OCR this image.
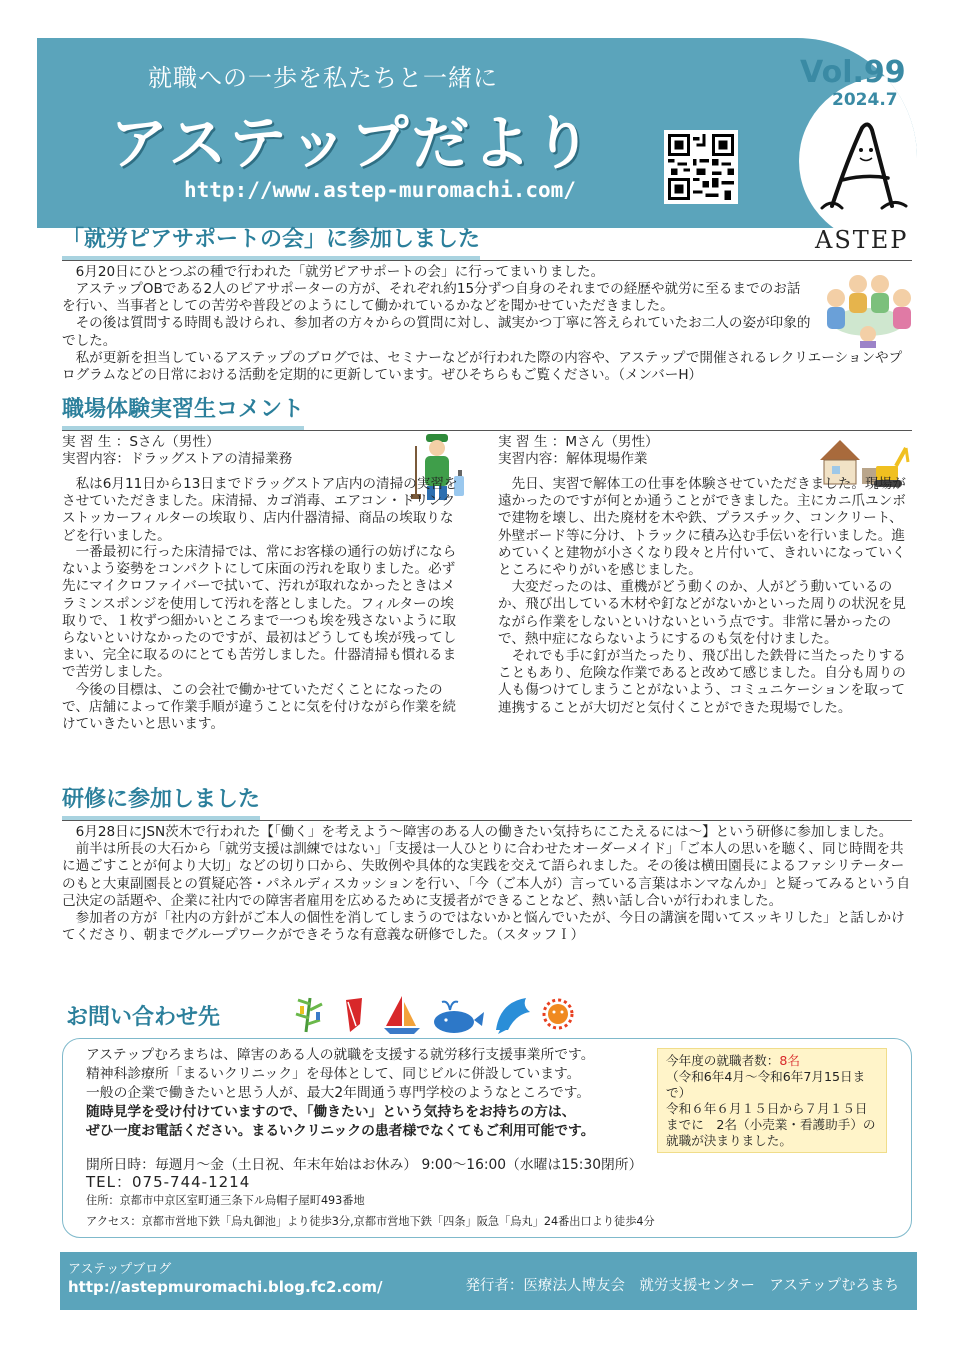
就職への一歩を私たちと一緒に
アステップだより
http://www.astep-muromachi.com/
Vol.99
2024.7
「就労ピアサポートの会」に参加しました	ASTEP

6月20日にひとつぶの種で行われた「就労ピアサポートの会」に行ってまいりました。

アステップOBである2人のピアサポーターの方が、それぞれ約15分ずつ自身のそれまでの経歴や就労に至るまでのお話を行い、当事者としての苦労や普段どのようにして働かれているかなどを聞かせていただきました。

その後は質問する時間も設けられ、参加者の方々からの質問に対し、誠実かつ丁寧に答えられていたお二人の姿が印象的でした。

私が更新を担当しているアステップのブログでは、セミナーなどが行われた際の内容や、アステップで開催されるレクリエーションやプログラムなどの日常における活動を定期的に更新しています。ぜひそちらもご覧ください。（メンバーH）

職場体験実習生コメント
実 習 生 ：Sさん（男性）
実習内容：ドラッグストアの清掃業務

私は6月11日から13日までドラッグストア店内の清掃の実習をさせていただきました。床清掃、カゴ消毒、エアコン・ドリンクストッカーフィルターの埃取り、店内什器清掃、商品の埃取りなどを行いました。

一番最初に行った床清掃では、常にお客様の通行の妨げにならないよう姿勢をコンパクトにして床面の汚れを取りました。必ず先にマイクロファイバーで拭いて、汚れが取れなかったときはメラミンスポンジを使用して汚れを落としました。フィルターの埃取りで、１枚ずつ細かいところまで一つも埃を残さないように取らないといけなかったのですが、最初はどうしても埃が残ってしまい、完全に取るのにとても苦労しました。什器清掃も慣れるまで苦労しました。

今後の目標は、この会社で働かせていただくことになったので、店舗によって作業手順が違うことに気を付けながら作業を続けていきたいと思います。

実 習 生 ：Mさん（男性）
実習内容：解体現場作業

先日、実習で解体工の仕事を体験させていただきました。現場が遠かったのですが何とか通うことができました。主にカニ爪ユンボで建物を壊し、出た廃材を木や鉄、プラスチック、コンクリート、外壁ボード等に分け、トラックに積み込む手伝いを行いました。進めていくと建物が小さくなり段々と片付いて、きれいになっていくところにやりがいを感じました。

大変だったのは、重機がどう動くのか、人がどう動いているのか、飛び出している木材や釘などがないかといった周りの状況を見ながら作業をしないといけないという点です。非常に暑かったので、熱中症にならないようにするのも気を付けました。

それでも手に釘が当たったり、飛び出した鉄骨に当たったりすることもあり、危険な作業であると改めて感じました。自分も周りの人も傷つけてしまうことがないよう、コミュニケーションを取って連携することが大切だと気付くことができた現場でした。

研修に参加しました

6月28日にJSN茨木で行われた【「働く」を考えよう～障害のある人の働きたい気持ちにこたえるには～】という研修に参加しました。

前半は所長の大石から「就労支援は訓練ではない」「支援は一人ひとりに合わせたオーダーメイド」「ご本人の思いを聴く、同じ時間を共に過ごすことが何より大切」などの切り口から、失敗例や具体的な実践を交えて語られました。その後は横田園長によるファシリテーターのもと大東副園長との質疑応答・パネルディスカッションを行い、「今（ご本人が）言っている言葉はホンマなんか」と疑ってみるという自己決定の話題や、企業に社内での障害者雇用を広めるために支援者ができることなど、熱い話し合いが行われました。

参加者の方が「社内の方針がご本人の個性を消してしまうのではないかと悩んでいたが、今日の講演を聞いてスッキリした」と話しかけてくださり、朝までグループワークができそうな有意義な研修でした。（スタッフＩ）

お問い合わせ先

アステップむろまちは、障害のある人の就職を支援する就労移行支援事業所です。

精神科診療所「まるいクリニック」を母体として、同じビルに併設しています。

一般の企業で働きたいと思う人が、最大2年間通う専門学校のようなところです。

随時見学を受け付けていますので、「働きたい」という気持ちをお持ちの方は、

ぜひ一度お電話ください。まるいクリニックの患者様でなくてもご利用可能です。

今年度の就職者数：8名
（令和6年4月～令和6年7月15日まで）
令和６年６月１５日から７月１５日までに　2名（小売業・看護助手）の就職が決まりました。
開所日時：毎週月～金（土日祝、年末年始はお休み） 9:00～16:00（水曜は15:30閉所）
TEL：075-744-1214
住所：京都市中京区室町通三条下ル烏帽子屋町493番地
アクセス：京都市営地下鉄「烏丸御池」より徒歩3分,京都市営地下鉄「四条」阪急「烏丸」24番出口より徒歩4分
アステップブログ
http://astepmuromachi.blog.fc2.com/	発行者：医療法人博友会　就労支援センター　アステップむろまち
